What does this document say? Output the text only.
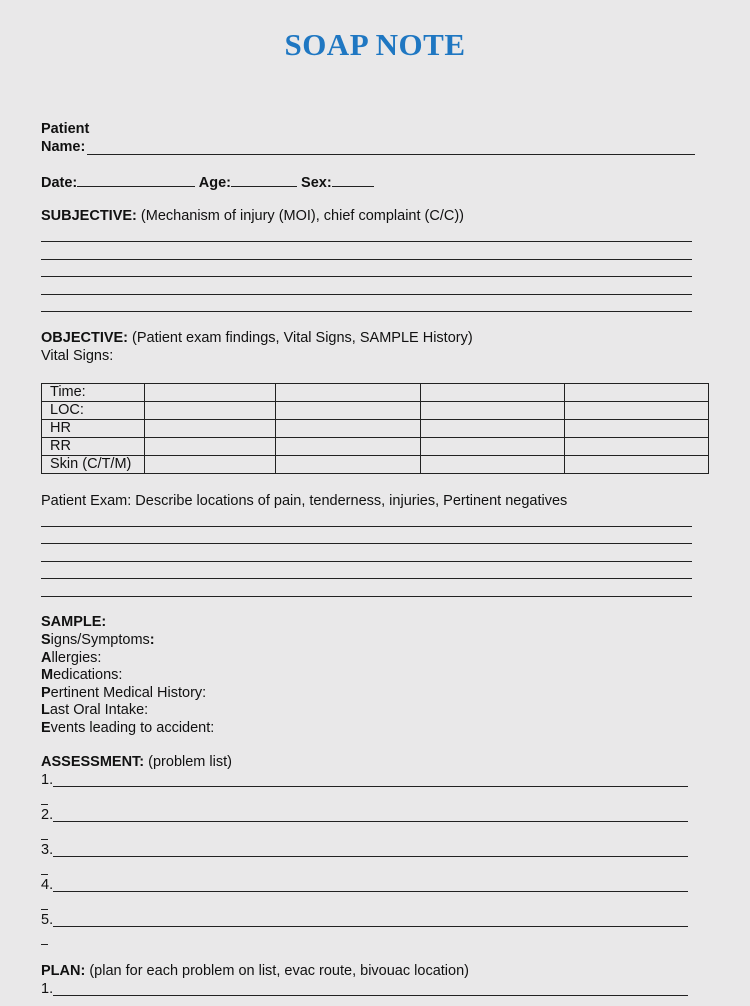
SOAP NOTE
Patient
Name:
Date:	Age:	Sex:
SUBJECTIVE: (Mechanism of injury (MOI), chief complaint (C/C))
OBJECTIVE: (Patient exam findings, Vital Signs, SAMPLE History)
Vital Signs:
Time:				
LOC:				
HR				
RR				
Skin (C/T/M)				
Patient Exam: Describe locations of pain, tenderness, injuries, Pertinent negatives
SAMPLE:
Signs/Symptoms:
Allergies:
Medications:
Pertinent Medical History:
Last Oral Intake:
Events leading to accident:
ASSESSMENT: (problem list)
1.
2.
3.
4.
5.
PLAN: (plan for each problem on list, evac route, bivouac location)
1.
